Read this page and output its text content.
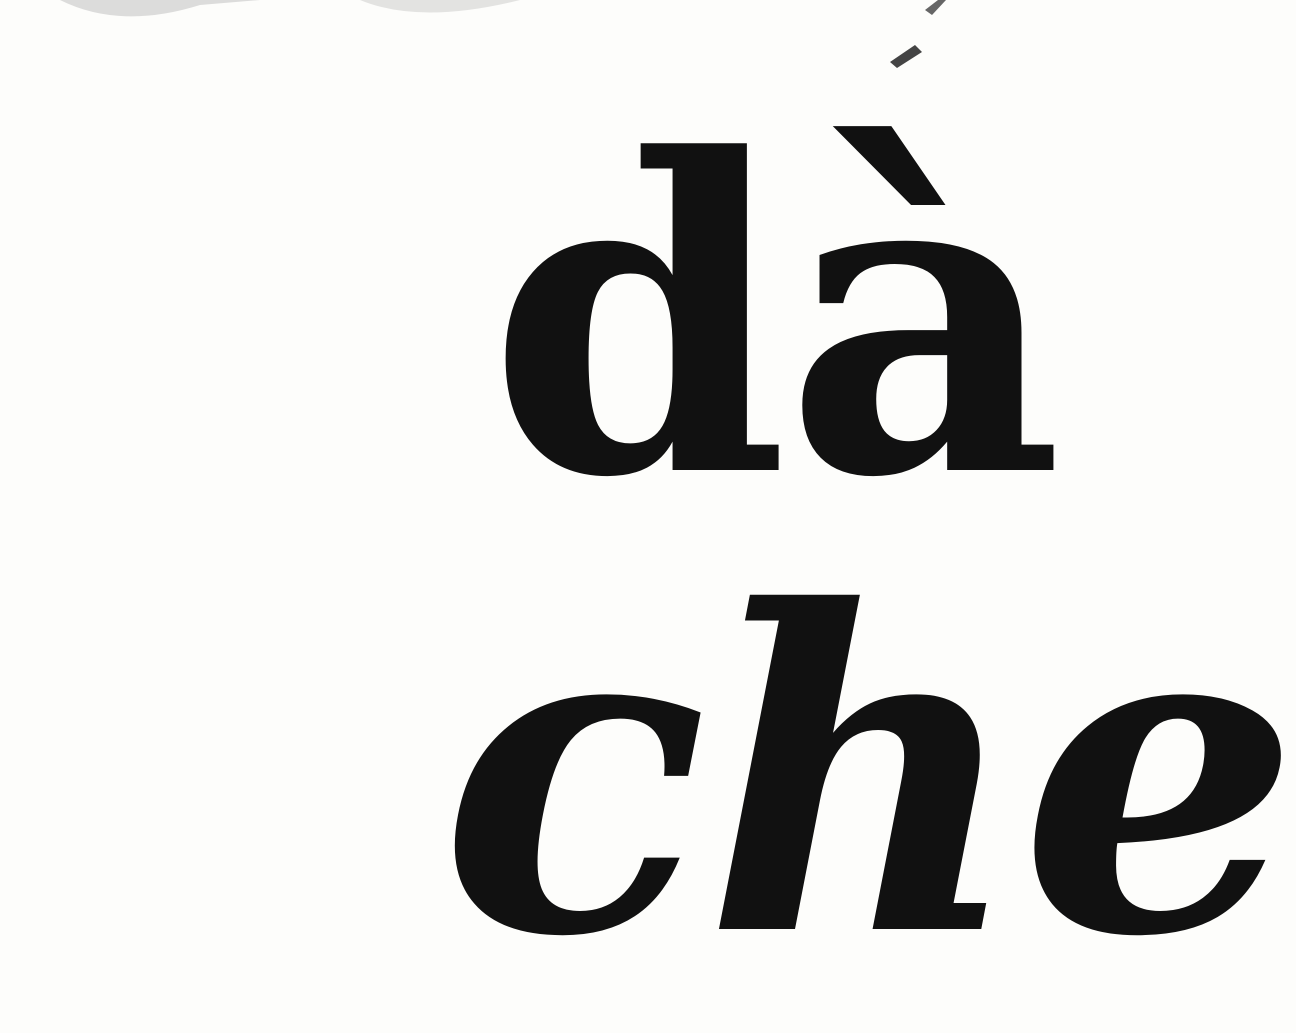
dà
che
